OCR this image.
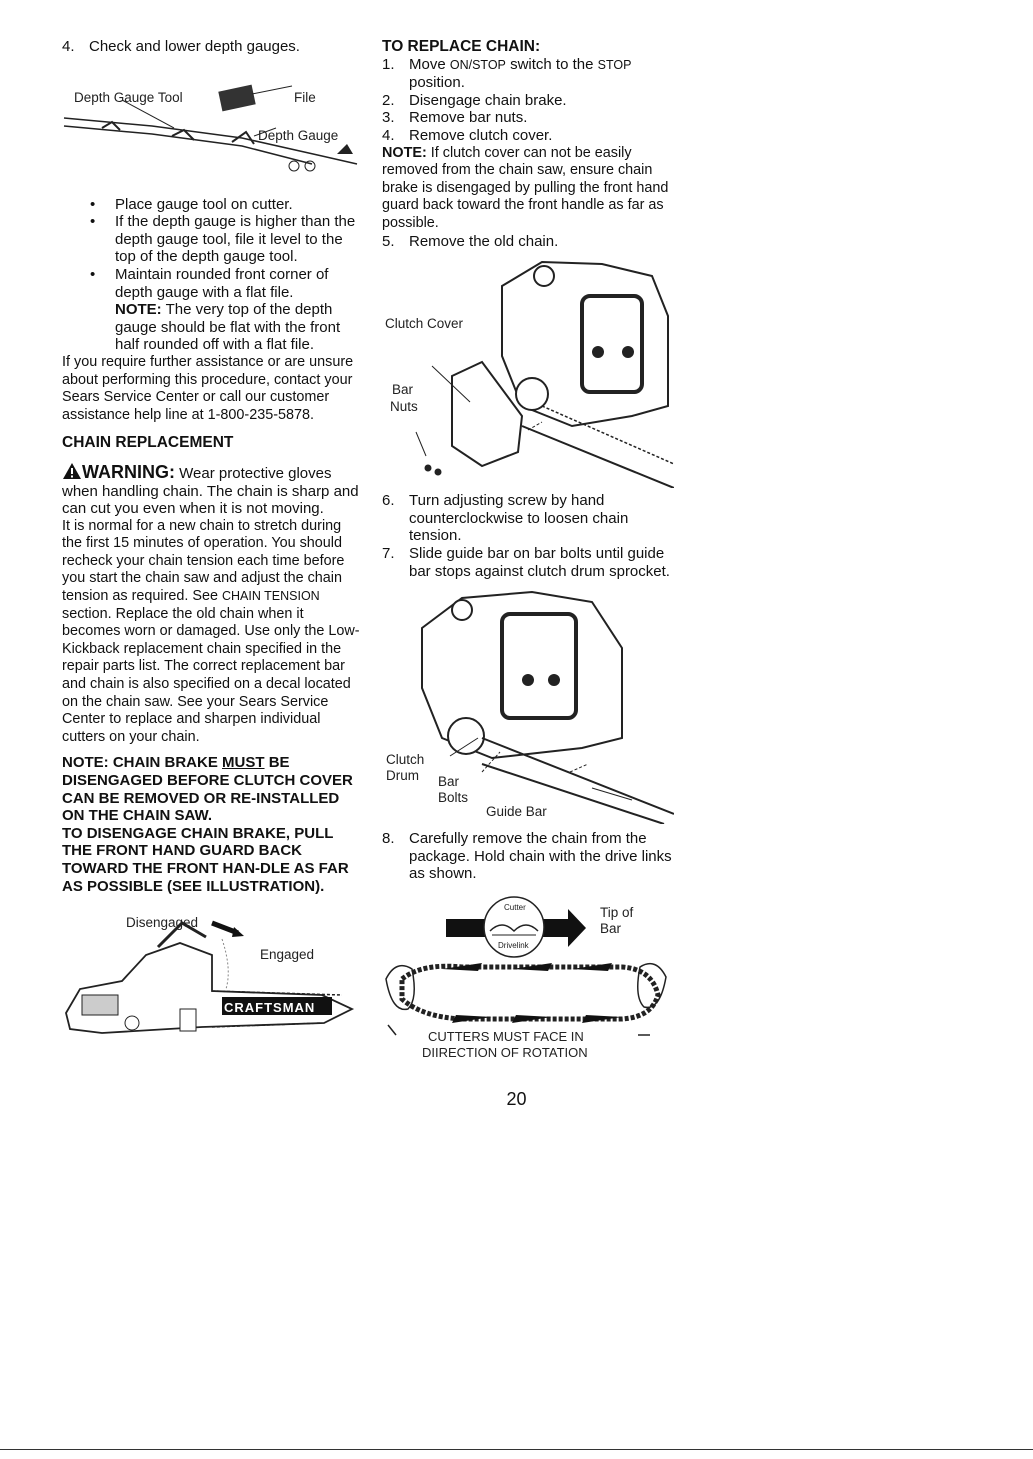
4. Check and lower depth gauges.

Depth Gauge Tool	File
Depth Gauge
• Place gauge tool on cutter.
• If the depth gauge is higher than the depth gauge tool, file it level to the top of the depth gauge tool.
• Maintain rounded front corner of depth gauge with a flat file.
NOTE: The very top of the depth gauge should be flat with the front half rounded off with a flat file.

If you require further assistance or are unsure about performing this procedure, contact your Sears Service Center or call our customer assistance help line at 1-800-235-5878.

CHAIN REPLACEMENT

WARNING: Wear protective gloves when handling chain. The chain is sharp and can cut you even when it is not moving.

It is normal for a new chain to stretch during the first 15 minutes of operation. You should recheck your chain tension each time before you start the chain saw and adjust the chain tension as required. See CHAIN TENSION section. Replace the old chain when it becomes worn or damaged. Use only the Low-Kickback replacement chain specified in the repair parts list. The correct replacement bar and chain is also specified on a decal located on the chain saw. See your Sears Service Center to replace and sharpen individual cutters on your chain.

NOTE: CHAIN BRAKE MUST BE DISENGAGED BEFORE CLUTCH COVER CAN BE REMOVED OR RE-INSTALLED ON THE CHAIN SAW.

TO DISENGAGE CHAIN BRAKE, PULL THE FRONT HAND GUARD BACK TOWARD THE FRONT HAN-DLE AS FAR AS POSSIBLE (SEE ILLUSTRATION).

Disengaged
Engaged
CRAFTSMAN

TO REPLACE CHAIN:

1. Move ON/STOP switch to the STOP position.

2. Disengage chain brake.

3. Remove bar nuts.

4. Remove clutch cover.

NOTE: If clutch cover can not be easily removed from the chain saw, ensure chain brake is disengaged by pulling the front hand guard back toward the front handle as far as possible.

5. Remove the old chain.

Clutch Cover
Bar
Nuts

6. Turn adjusting screw by hand counterclockwise to loosen chain tension.

7. Slide guide bar on bar bolts until guide bar stops against clutch drum sprocket.

Clutch
Drum Bar
Bolts
Guide Bar

8. Carefully remove the chain from the package. Hold chain with the drive links as shown.

Cutter
Drivelink
Tip of
Bar
CUTTERS MUST FACE IN
DIIRECTION OF ROTATION
20
